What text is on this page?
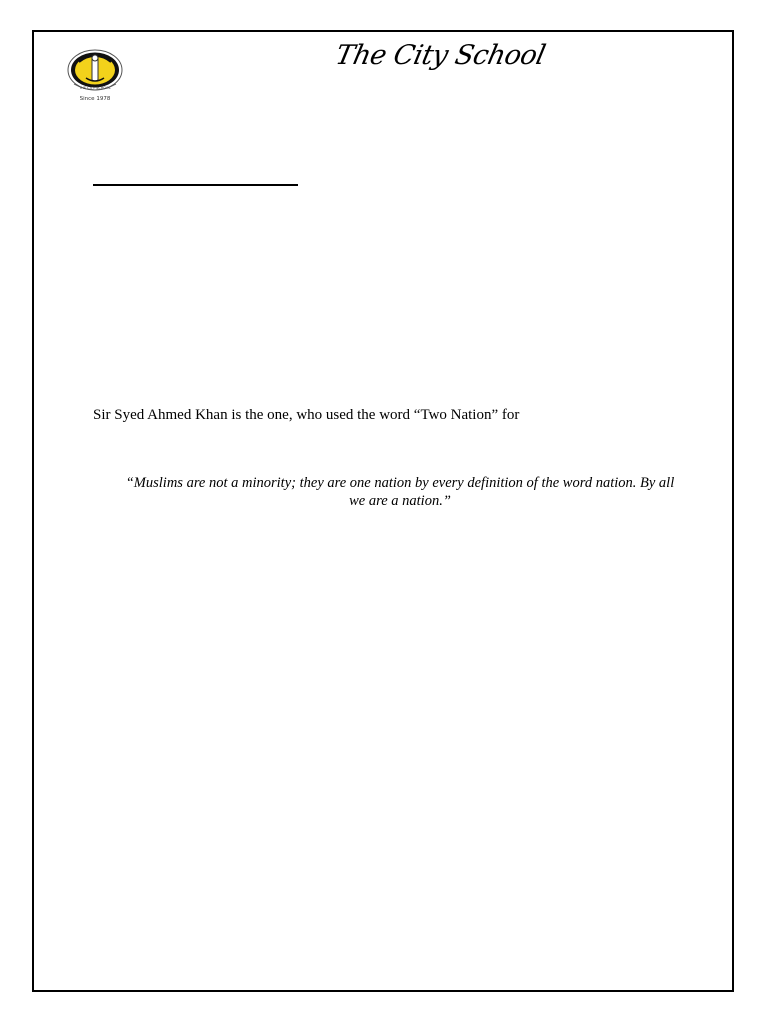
THE CITY SCHOOL
Since 1978
The City School
Sir Syed Ahmed Khan is the one, who used the word “Two Nation” for
“Muslims are not a minority; they are one nation by every definition of the word nation. By all
we are a nation.”
